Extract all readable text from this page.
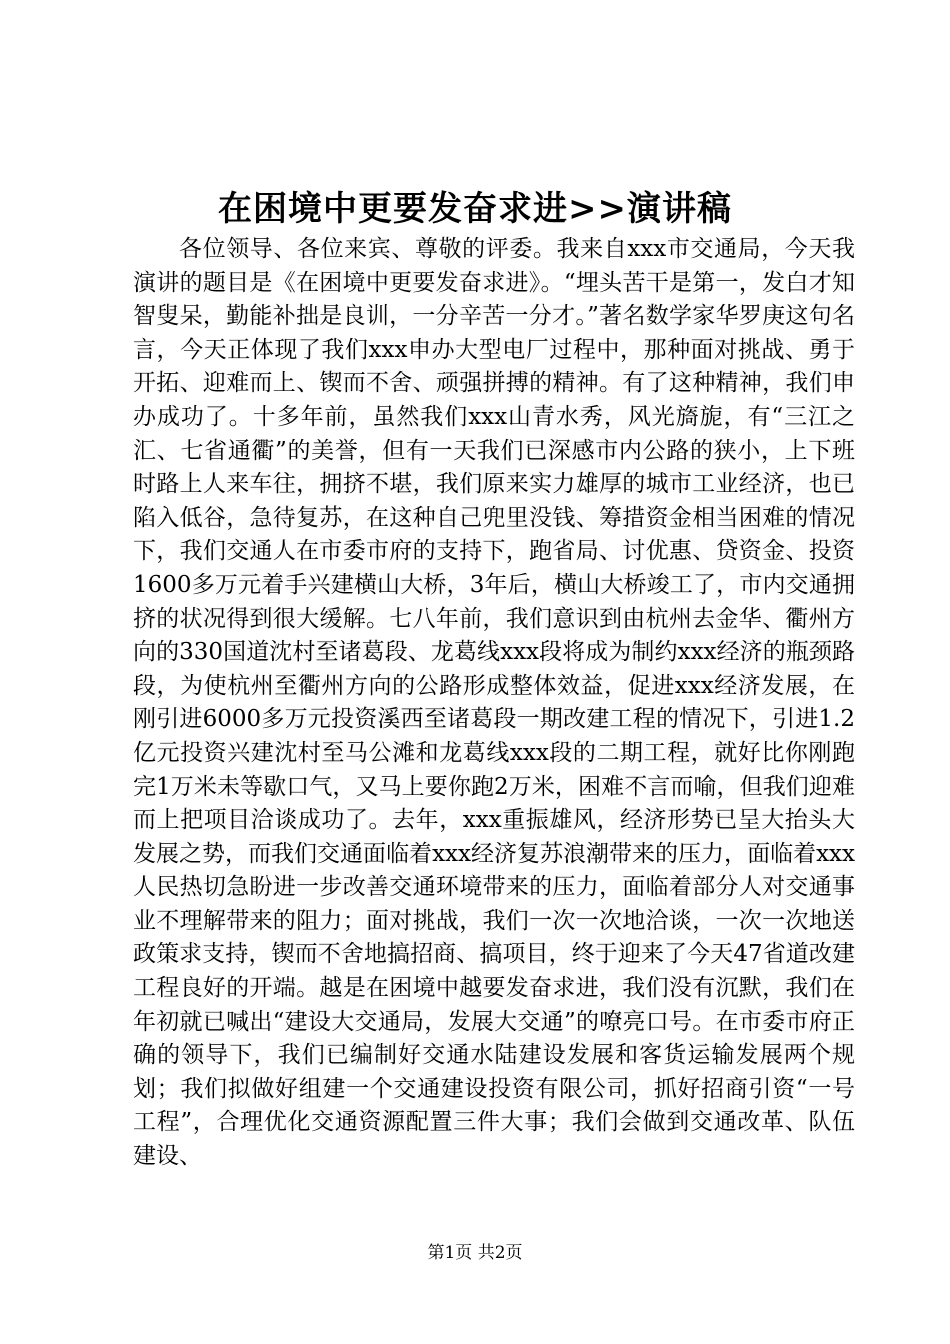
在困境中更要发奋求进>>演讲稿

各位领导、各位来宾、尊敬的评委。我来自xxx市交通局，今天我演讲的题目是《在困境中更要发奋求进》。“埋头苦干是第一，发白才知智叟呆，勤能补拙是良训，一分辛苦一分才。”著名数学家华罗庚这句名言，今天正体现了我们xxx申办大型电厂过程中，那种面对挑战、勇于开拓、迎难而上、锲而不舍、顽强拼搏的精神。有了这种精神，我们申办成功了。十多年前，虽然我们xxx山青水秀，风光旖旎，有“三江之汇、七省通衢”的美誉，但有一天我们已深感市内公路的狭小，上下班时路上人来车往，拥挤不堪，我们原来实力雄厚的城市工业经济，也已陷入低谷，急待复苏，在这种自己兜里没钱、筹措资金相当困难的情况下，我们交通人在市委市府的支持下，跑省局、讨优惠、贷资金、投资1600多万元着手兴建横山大桥，3年后，横山大桥竣工了，市内交通拥挤的状况得到很大缓解。七八年前，我们意识到由杭州去金华、衢州方向的330国道沈村至诸葛段、龙葛线xxx段将成为制约xxx经济的瓶颈路段，为使杭州至衢州方向的公路形成整体效益，促进xxx经济发展，在刚引进6000多万元投资溪西至诸葛段一期改建工程的情况下，引进1.2亿元投资兴建沈村至马公滩和龙葛线xxx段的二期工程，就好比你刚跑完1万米未等歇口气，又马上要你跑2万米，困难不言而喻，但我们迎难而上把项目洽谈成功了。去年，xxx重振雄风，经济形势已呈大抬头大发展之势，而我们交通面临着xxx经济复苏浪潮带来的压力，面临着xxx人民热切急盼进一步改善交通环境带来的压力，面临着部分人对交通事业不理解带来的阻力；面对挑战，我们一次一次地洽谈，一次一次地送政策求支持，锲而不舍地搞招商、搞项目，终于迎来了今天47省道改建工程良好的开端。越是在困境中越要发奋求进，我们没有沉默，我们在年初就已喊出“建设大交通局，发展大交通”的嘹亮口号。在市委市府正确的领导下，我们已编制好交通水陆建设发展和客货运输发展两个规划；我们拟做好组建一个交通建设投资有限公司，抓好招商引资“一号工程”，合理优化交通资源配置三件大事；我们会做到交通改革、队伍建设、

第1页 共2页
